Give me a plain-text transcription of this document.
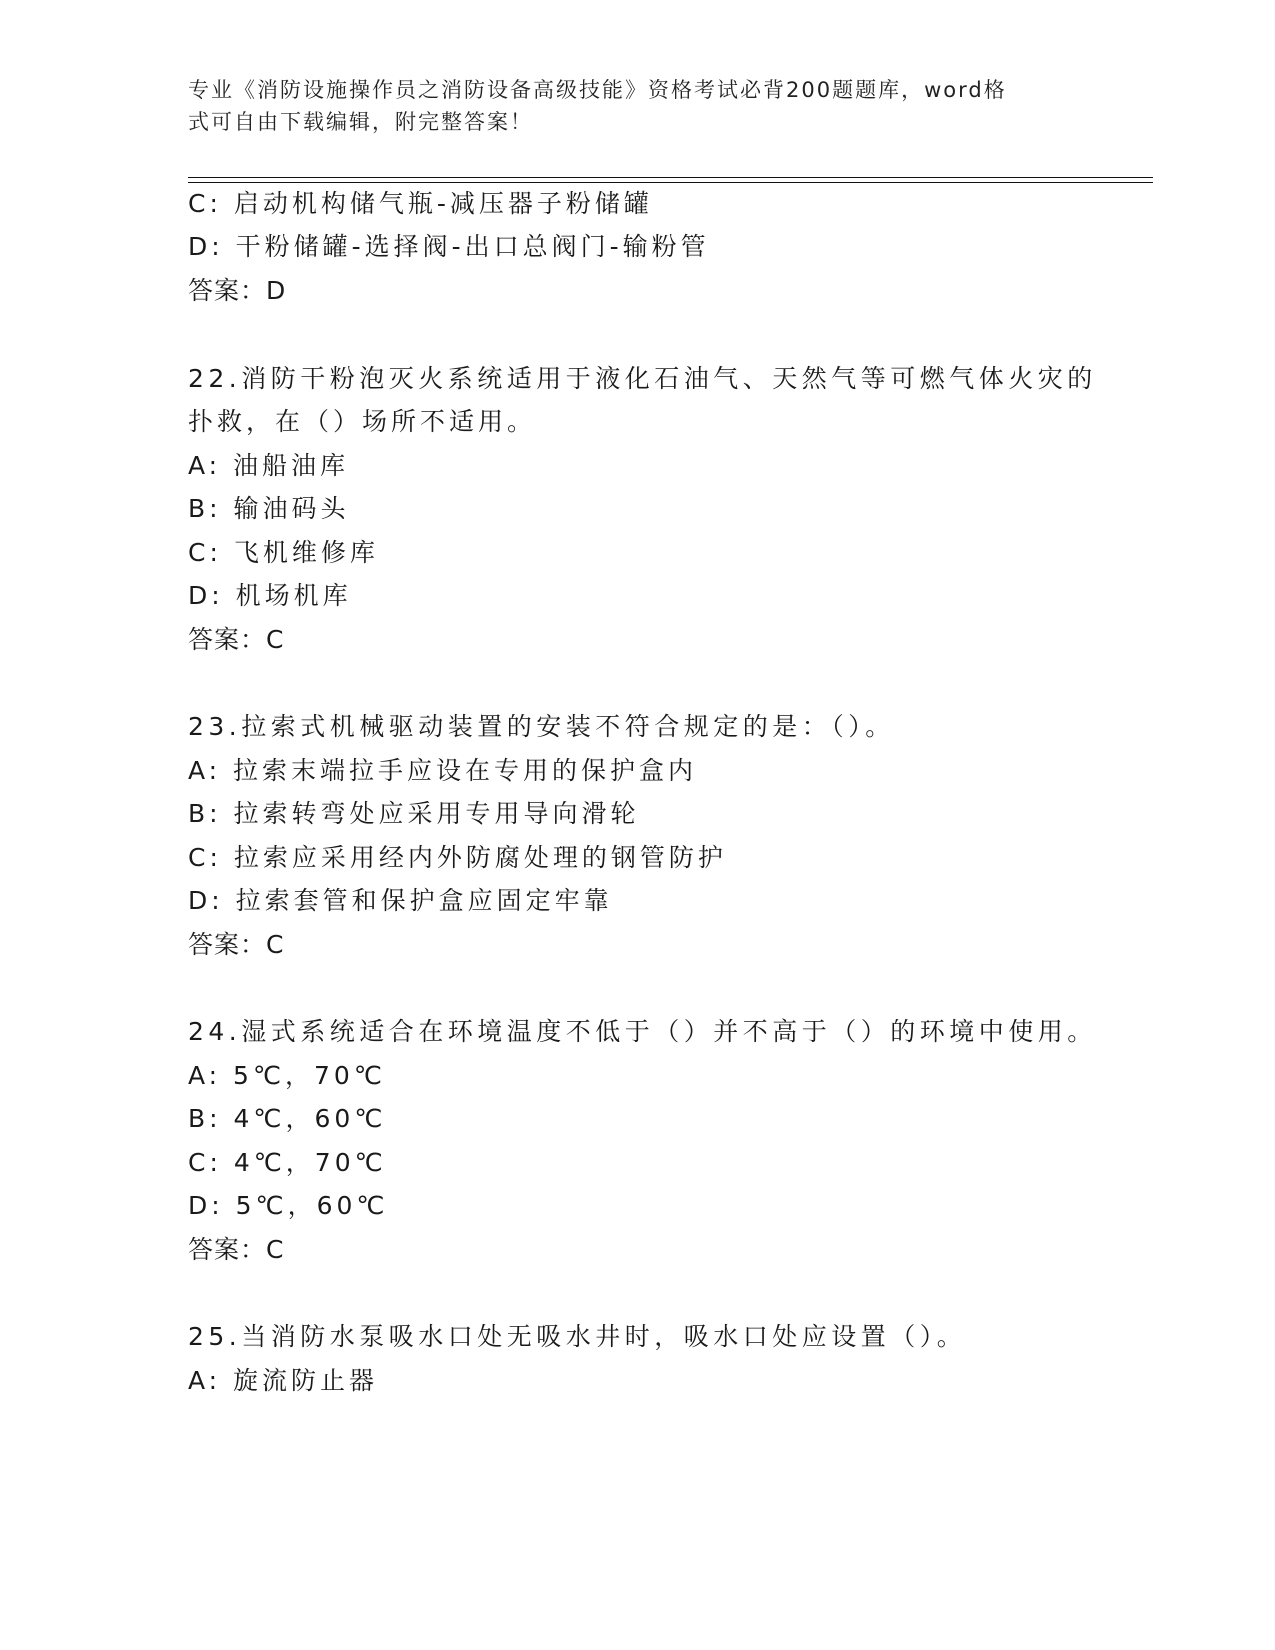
专业《消防设施操作员之消防设备高级技能》资格考试必背200题题库，word格
式可自由下载编辑，附完整答案！
C: 启动机构储气瓶-减压器子粉储罐
D: 干粉储罐-选择阀-出口总阀门-输粉管
答案：D
22.消防干粉泡灭火系统适用于液化石油气、天然气等可燃气体火灾的
扑救，在（）场所不适用。
A: 油船油库
B: 输油码头
C: 飞机维修库
D: 机场机库
答案：C
23.拉索式机械驱动装置的安装不符合规定的是：（）。
A: 拉索末端拉手应设在专用的保护盒内
B: 拉索转弯处应采用专用导向滑轮
C: 拉索应采用经内外防腐处理的钢管防护
D: 拉索套管和保护盒应固定牢靠
答案：C
24.湿式系统适合在环境温度不低于（）并不高于（）的环境中使用。
A: 5℃，70℃
B: 4℃，60℃
C: 4℃，70℃
D: 5℃，60℃
答案：C
25.当消防水泵吸水口处无吸水井时，吸水口处应设置（）。
A: 旋流防止器
